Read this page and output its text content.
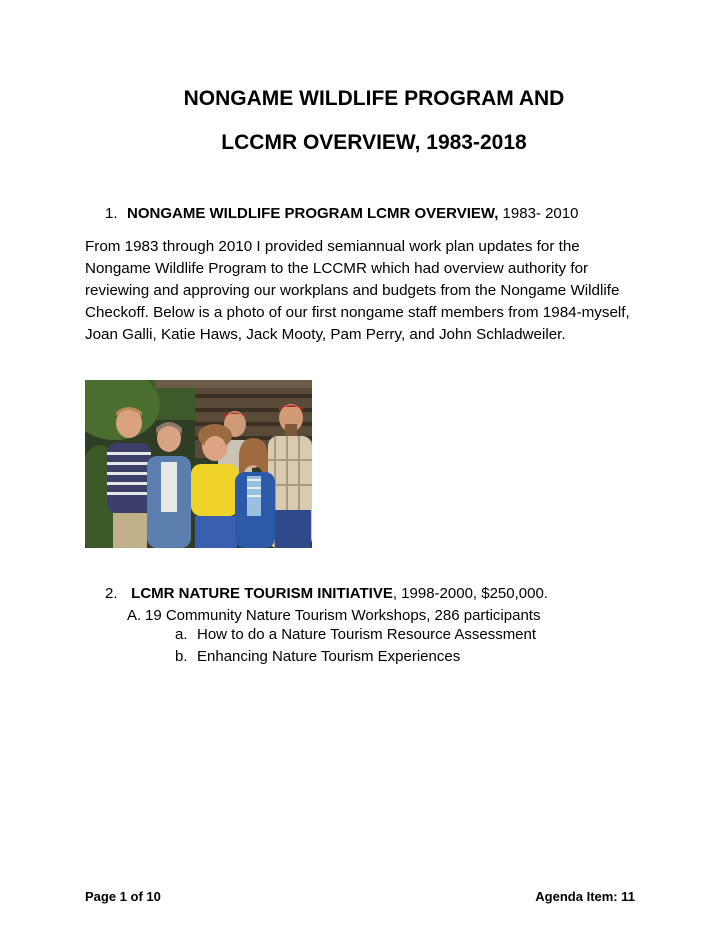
NONGAME WILDLIFE PROGRAM AND
LCCMR OVERVIEW, 1983-2018
1. NONGAME WILDLIFE PROGRAM LCMR OVERVIEW, 1983- 2010

From 1983 through 2010 I provided semiannual work plan updates for the Nongame Wildlife Program to the LCCMR which had overview authority for reviewing and approving our workplans and budgets from the Nongame Wildlife Checkoff. Below is a photo of our first nongame staff members from 1984-myself, Joan Galli, Katie Haws, Jack Mooty, Pam Perry, and John Schladweiler.

2. LCMR NATURE TOURISM INITIATIVE, 1998-2000, $250,000.
A. 19 Community Nature Tourism Workshops, 286 participants
a. How to do a Nature Tourism Resource Assessment
b. Enhancing Nature Tourism Experiences
Page 1 of 10	Agenda Item: 11
